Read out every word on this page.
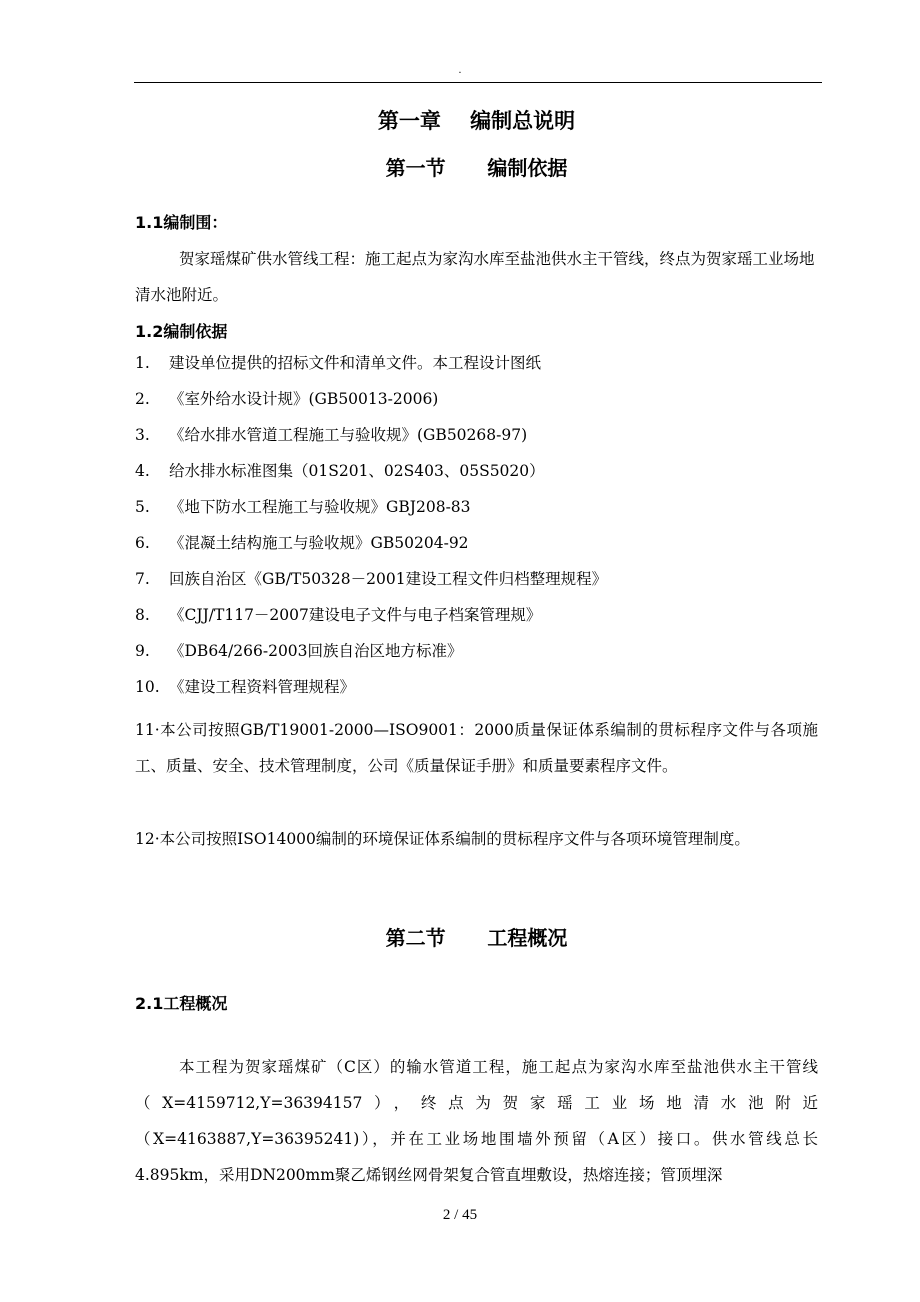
.
第一章    编制总说明
第一节      编制依据
1.1编制围：
贺家瑶煤矿供水管线工程：施工起点为家沟水库至盐池供水主干管线，终点为贺家瑶工业场地清水池附近。
1.2编制依据
1. 建设单位提供的招标文件和清单文件。本工程设计图纸
2. 《室外给水设计规》(GB50013-2006)
3. 《给水排水管道工程施工与验收规》(GB50268-97)
4. 给水排水标准图集（01S201、02S403、05S5020）
5. 《地下防水工程施工与验收规》GBJ208-83
6. 《混凝土结构施工与验收规》GB50204-92
7. 回族自治区《GB/T50328－2001建设工程文件归档整理规程》
8. 《CJJ/T117－2007建设电子文件与电子档案管理规》
9. 《DB64/266-2003回族自治区地方标准》
10. 《建设工程资料管理规程》
11·本公司按照GB/T19001-2000—ISO9001：2000质量保证体系编制的贯标程序文件与各项施工、质量、安全、技术管理制度，公司《质量保证手册》和质量要素程序文件。
12·本公司按照ISO14000编制的环境保证体系编制的贯标程序文件与各项环境管理制度。
第二节      工程概况
2.1工程概况
本工程为贺家瑶煤矿（C区）的输水管道工程，施工起点为家沟水库至盐池供水主干管线（X=4159712,Y=36394157），终点为贺家瑶工业场地清水池附近（X=4163887,Y=36395241)），并在工业场地围墙外预留（A区）接口。供水管线总长4.895km，采用DN200mm聚乙烯钢丝网骨架复合管直埋敷设，热熔连接；管顶埋深
2 / 45
